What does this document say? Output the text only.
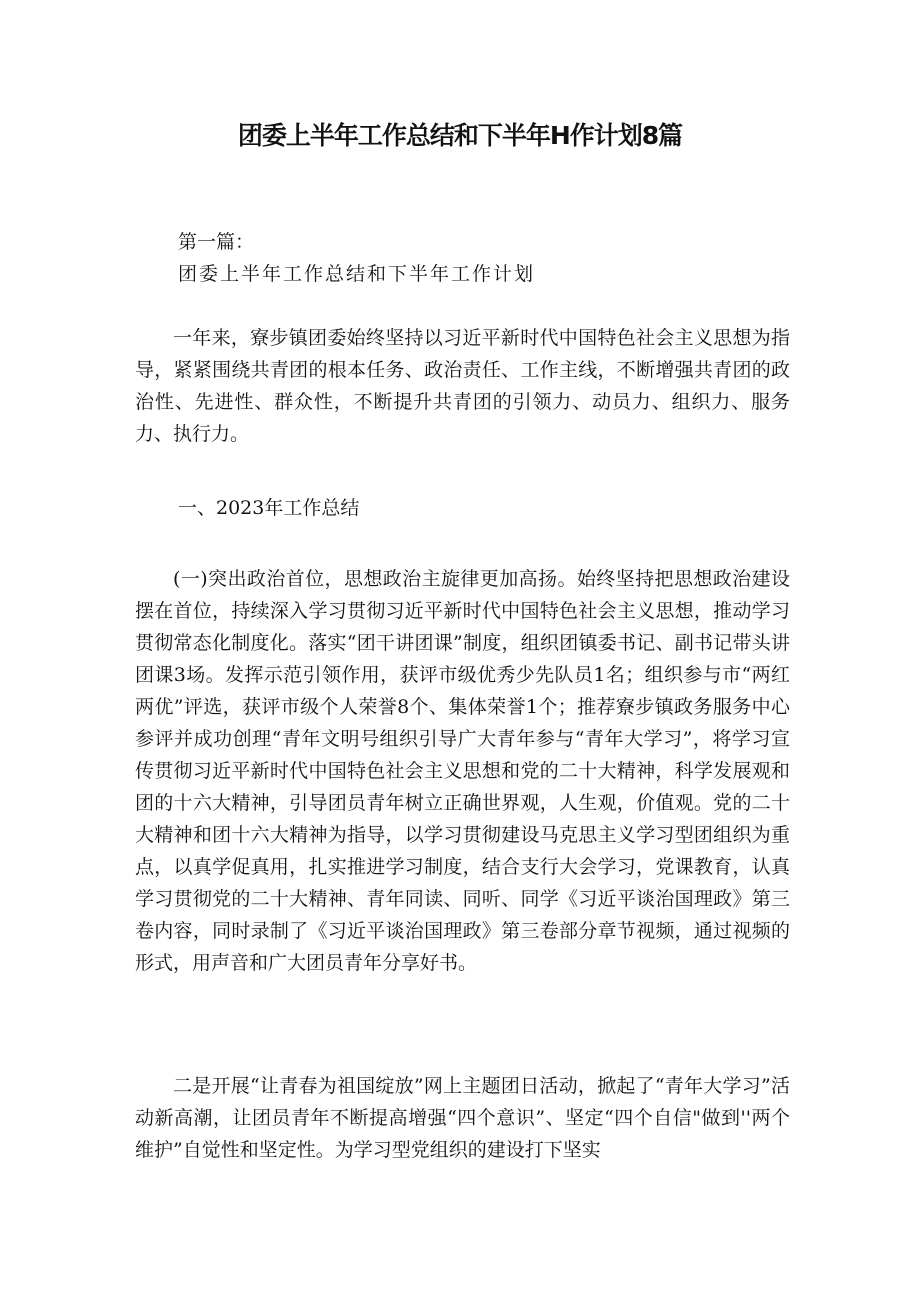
团委上半年工作总结和下半年H作计划8篇

第一篇：

团委上半年工作总结和下半年工作计划

一年来，寮步镇团委始终坚持以习近平新时代中国特色社会主义思想为指导，紧紧围绕共青团的根本任务、政治责任、工作主线，不断增强共青团的政治性、先进性、群众性，不断提升共青团的引领力、动员力、组织力、服务力、执行力。

一、2023年工作总结

(一)突出政治首位，思想政治主旋律更加高扬。始终坚持把思想政治建设摆在首位，持续深入学习贯彻习近平新时代中国特色社会主义思想，推动学习贯彻常态化制度化。落实“团干讲团课”制度，组织团镇委书记、副书记带头讲团课3场。发挥示范引领作用，获评市级优秀少先队员1名；组织参与市“两红两优”评选，获评市级个人荣誉8个、集体荣誉1个；推荐寮步镇政务服务中心参评并成功创理“青年文明号组织引导广大青年参与“青年大学习”，将学习宣传贯彻习近平新时代中国特色社会主义思想和党的二十大精神，科学发展观和团的十六大精神，引导团员青年树立正确世界观，人生观，价值观。党的二十大精神和团十六大精神为指导，以学习贯彻建设马克思主义学习型团组织为重点，以真学促真用，扎实推进学习制度，结合支行大会学习，党课教育，认真学习贯彻党的二十大精神、青年同读、同听、同学《习近平谈治国理政》第三卷内容，同时录制了《习近平谈治国理政》第三卷部分章节视频，通过视频的形式，用声音和广大团员青年分享好书。

二是开展“让青春为祖国绽放”网上主题团日活动，掀起了“青年大学习”活动新高潮，让团员青年不断提高增强“四个意识”、坚定“四个自信"做到''两个维护”自觉性和坚定性。为学习型党组织的建设打下坚实
